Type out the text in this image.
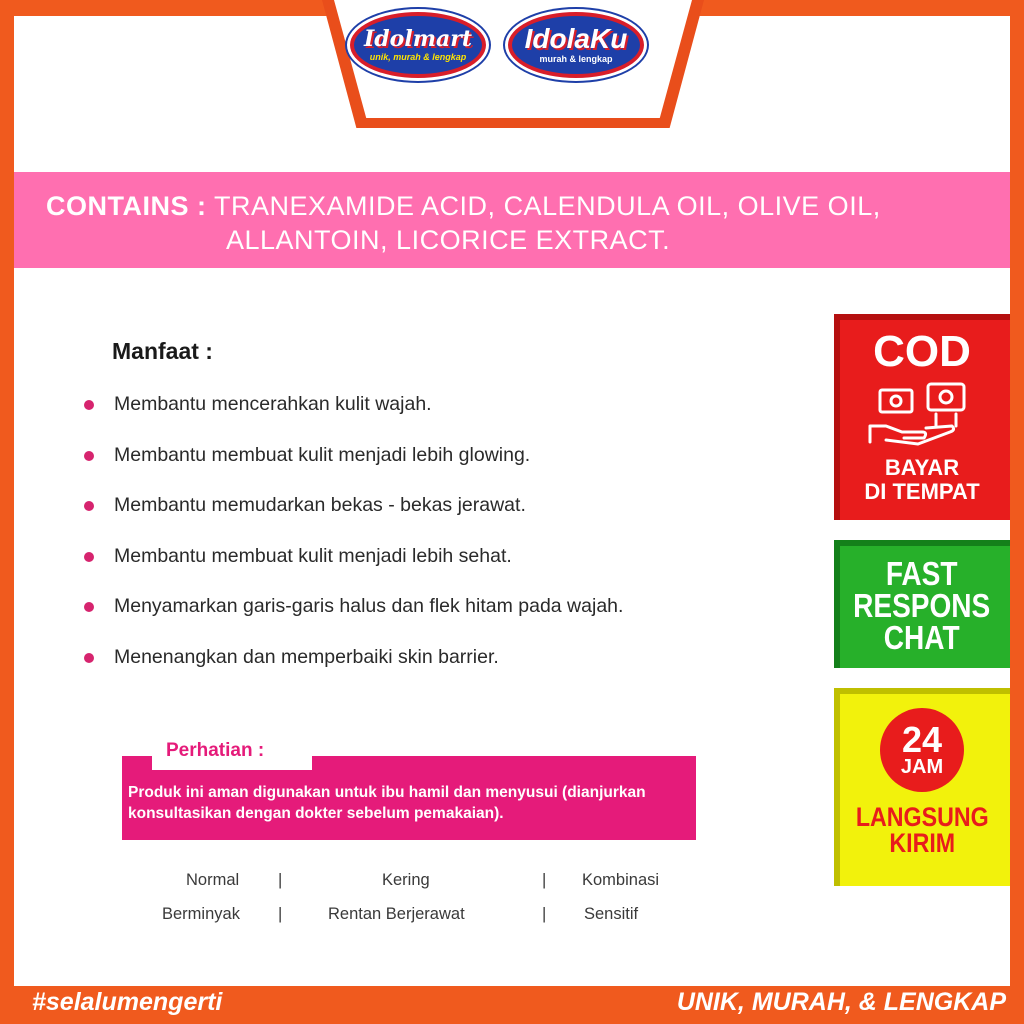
Idolmart
unik, murah & lengkap
IdolaKu
murah & lengkap
OFFICIAL
CONTAINS : TRANEXAMIDE ACID, CALENDULA OIL, OLIVE OIL,
ALLANTOIN, LICORICE EXTRACT.
Manfaat :
Membantu mencerahkan kulit wajah.
Membantu membuat kulit menjadi lebih glowing.
Membantu memudarkan bekas - bekas jerawat.
Membantu membuat kulit menjadi lebih sehat.
Menyamarkan garis-garis halus dan flek hitam pada wajah.
Menenangkan dan memperbaiki skin barrier.
Perhatian :
Produk ini aman digunakan untuk ibu hamil dan menyusui (dianjurkan konsultasikan dengan dokter sebelum pemakaian).
Normal |	Kering	| Kombinasi
Berminyak |	Rentan Berjerawat	| Sensitif
COD
BAYAR
DI TEMPAT
FAST
RESPONS
CHAT
24
JAM
LANGSUNG
KIRIM
#selalumengerti	UNIK, MURAH, & LENGKAP
